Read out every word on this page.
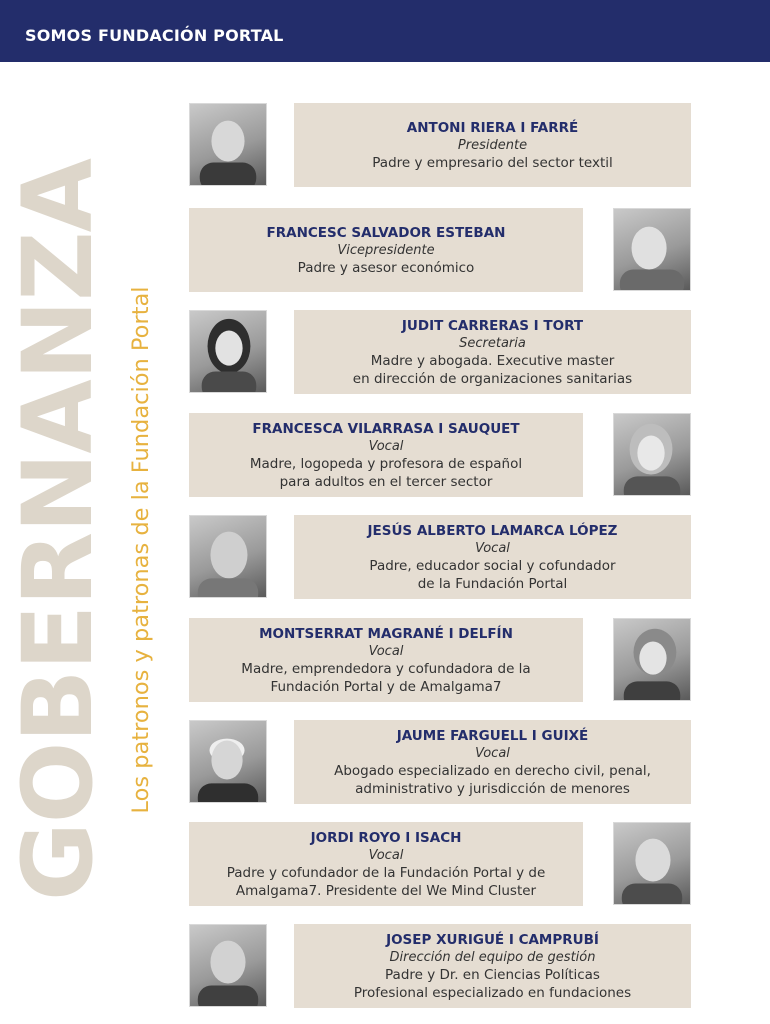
SOMOS FUNDACIÓN PORTAL
GOBERNANZA Los patronos y patronas de la Fundación Portal
ANTONI RIERA I FARRÉ
Presidente
Padre y empresario del sector textil
FRANCESC SALVADOR ESTEBAN
Vicepresidente
Padre y asesor económico
JUDIT CARRERAS I TORT
Secretaria
Madre y abogada. Executive master
en dirección de organizaciones sanitarias
FRANCESCA VILARRASA I SAUQUET
Vocal
Madre, logopeda y profesora de español
para adultos en el tercer sector
JESÚS ALBERTO LAMARCA LÓPEZ
Vocal
Padre, educador social y cofundador
de la Fundación Portal
MONTSERRAT MAGRANÉ I DELFÍN
Vocal
Madre, emprendedora y cofundadora de la
Fundación Portal y de Amalgama7
JAUME FARGUELL I GUIXÉ
Vocal
Abogado especializado en derecho civil, penal,
administrativo y jurisdicción de menores
JORDI ROYO I ISACH
Vocal
Padre y cofundador de la Fundación Portal y de
Amalgama7. Presidente del We Mind Cluster
JOSEP XURIGUÉ I CAMPRUBÍ
Dirección del equipo de gestión
Padre y Dr. en Ciencias Políticas
Profesional especializado en fundaciones
